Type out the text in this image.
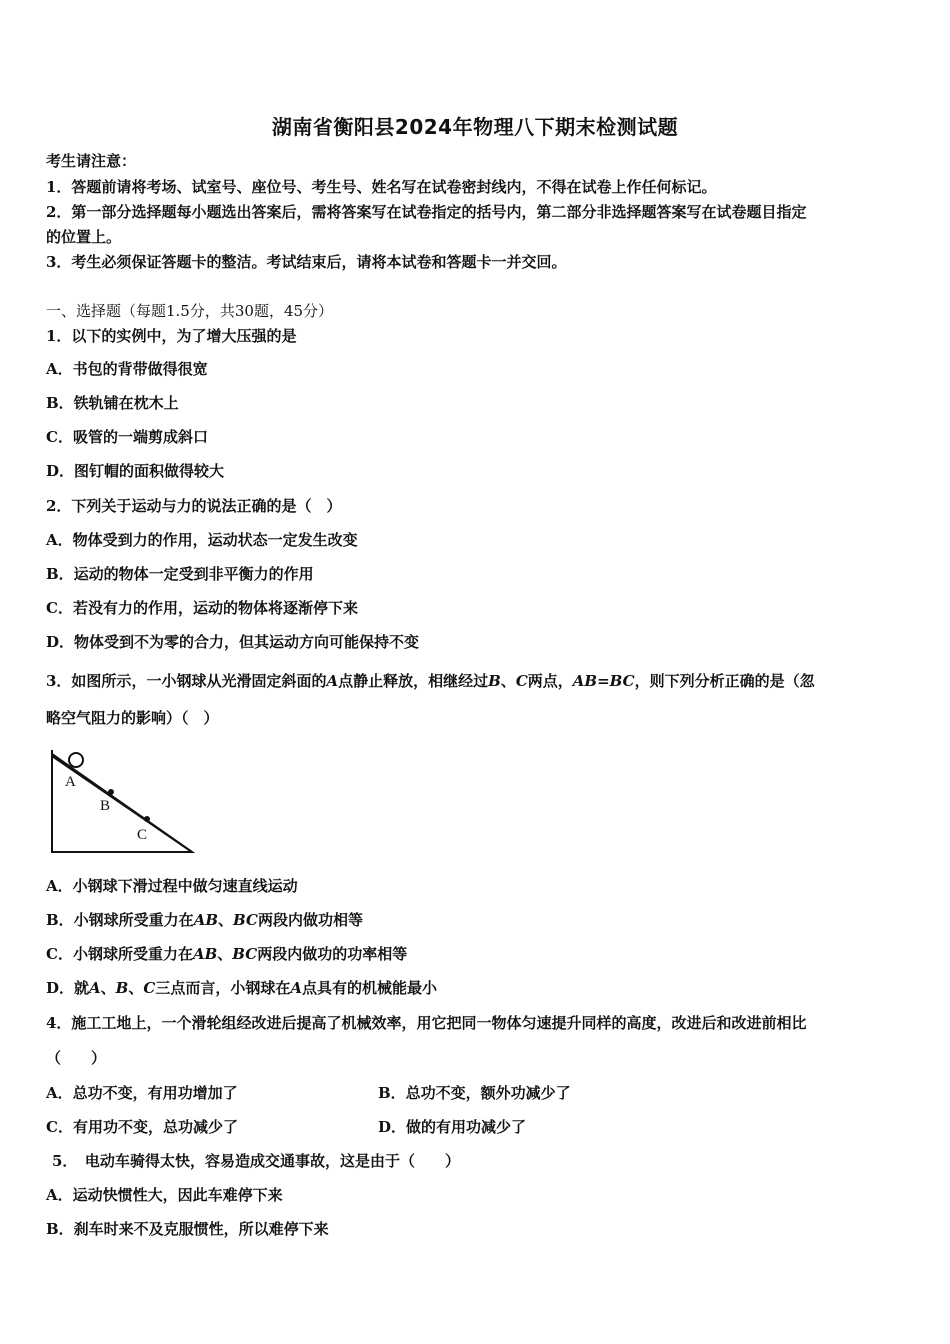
湖南省衡阳县2024年物理八下期末检测试题
考生请注意：
1．答题前请将考场、试室号、座位号、考生号、姓名写在试卷密封线内，不得在试卷上作任何标记。
2．第一部分选择题每小题选出答案后，需将答案写在试卷指定的括号内，第二部分非选择题答案写在试卷题目指定
的位置上。
3．考生必须保证答题卡的整洁。考试结束后，请将本试卷和答题卡一并交回。
一、选择题（每题1.5分，共30题，45分）
1．以下的实例中，为了增大压强的是
A．书包的背带做得很宽
B．铁轨铺在枕木上
C．吸管的一端剪成斜口
D．图钉帽的面积做得较大
2．下列关于运动与力的说法正确的是（　）
A．物体受到力的作用，运动状态一定发生改变
B．运动的物体一定受到非平衡力的作用
C．若没有力的作用，运动的物体将逐渐停下来
D．物体受到不为零的合力，但其运动方向可能保持不变
3．如图所示，一小钢球从光滑固定斜面的A点静止释放，相继经过B、C两点，AB=BC，则下列分析正确的是（忽
略空气阻力的影响）（　）
A
B
C
A．小钢球下滑过程中做匀速直线运动
B．小钢球所受重力在AB、BC两段内做功相等
C．小钢球所受重力在AB、BC两段内做功的功率相等
D．就A、B、C三点而言，小钢球在A点具有的机械能最小
4．施工工地上，一个滑轮组经改进后提高了机械效率，用它把同一物体匀速提升同样的高度，改进后和改进前相比
（　　）
A．总功不变，有用功增加了	B．总功不变，额外功减少了
C．有用功不变，总功减少了	D．做的有用功减少了
5．　电动车骑得太快，容易造成交通事故，这是由于（　　）
A．运动快惯性大，因此车难停下来
B．刹车时来不及克服惯性，所以难停下来
